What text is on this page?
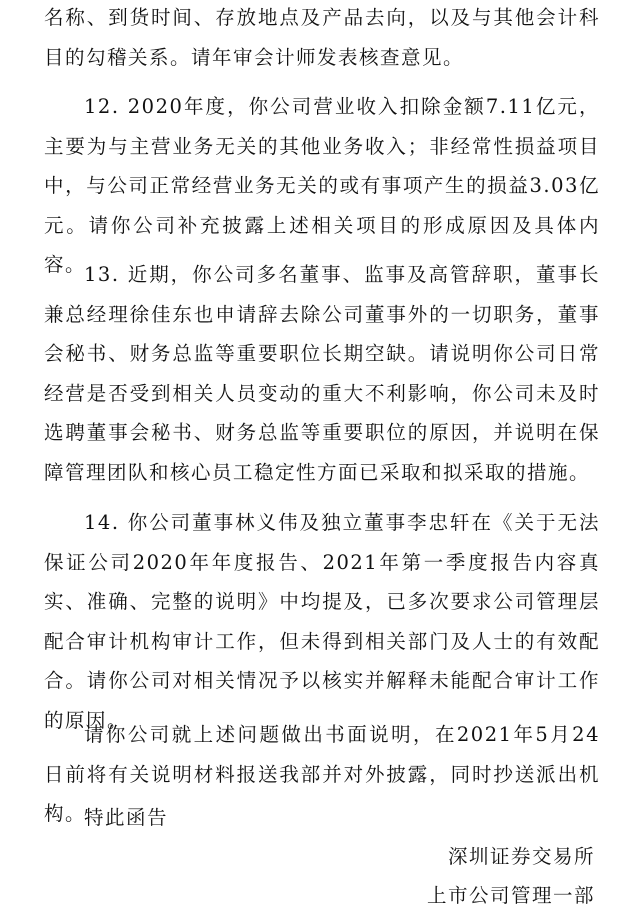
名称、到货时间、存放地点及产品去向，以及与其他会计科目的勾稽关系。请年审会计师发表核查意见。

12. 2020年度，你公司营业收入扣除金额7.11亿元，主要为与主营业务无关的其他业务收入；非经常性损益项目中，与公司正常经营业务无关的或有事项产生的损益3.03亿元。请你公司补充披露上述相关项目的形成原因及具体内容。

13. 近期，你公司多名董事、监事及高管辞职，董事长兼总经理徐佳东也申请辞去除公司董事外的一切职务，董事会秘书、财务总监等重要职位长期空缺。请说明你公司日常经营是否受到相关人员变动的重大不利影响，你公司未及时选聘董事会秘书、财务总监等重要职位的原因，并说明在保障管理团队和核心员工稳定性方面已采取和拟采取的措施。

14. 你公司董事林义伟及独立董事李忠轩在《关于无法保证公司2020年年度报告、2021年第一季度报告内容真实、准确、完整的说明》中均提及，已多次要求公司管理层配合审计机构审计工作，但未得到相关部门及人士的有效配合。请你公司对相关情况予以核实并解释未能配合审计工作的原因。

请你公司就上述问题做出书面说明，在2021年5月24日前将有关说明材料报送我部并对外披露，同时抄送派出机构。

特此函告

深圳证券交易所
上市公司管理一部
